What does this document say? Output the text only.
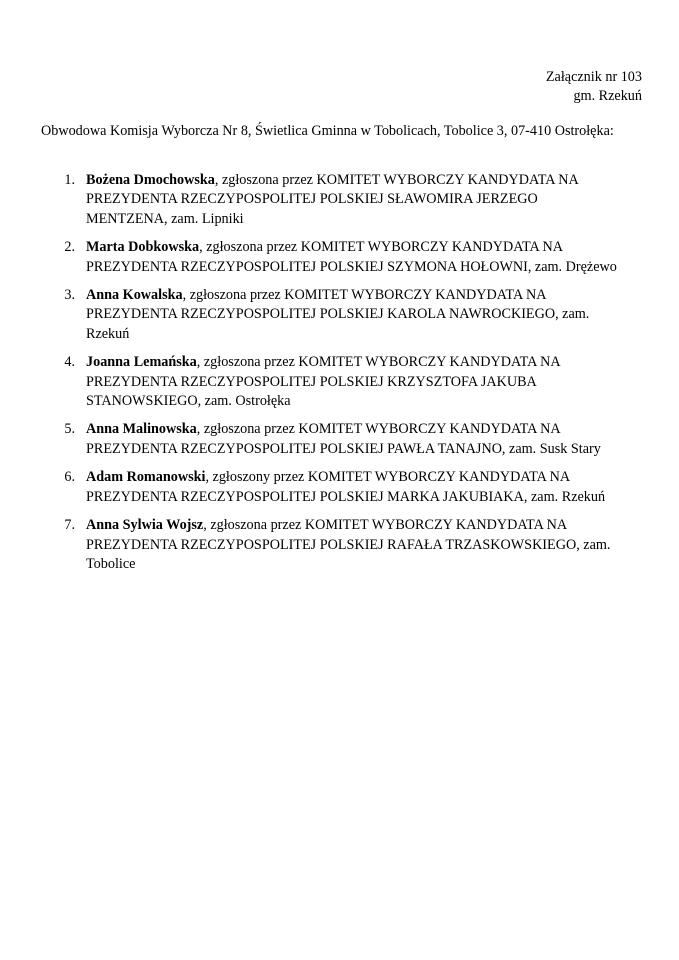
Załącznik nr 103
gm. Rzekuń
Obwodowa Komisja Wyborcza Nr 8, Świetlica Gminna w Tobolicach, Tobolice 3, 07-410 Ostrołęka:
1. Bożena Dmochowska, zgłoszona przez KOMITET WYBORCZY KANDYDATA NA PREZYDENTA RZECZYPOSPOLITEJ POLSKIEJ SŁAWOMIRA JERZEGO MENTZENA, zam. Lipniki
2. Marta Dobkowska, zgłoszona przez KOMITET WYBORCZY KANDYDATA NA PREZYDENTA RZECZYPOSPOLITEJ POLSKIEJ SZYMONA HOŁOWNI, zam. Drężewo
3. Anna Kowalska, zgłoszona przez KOMITET WYBORCZY KANDYDATA NA PREZYDENTA RZECZYPOSPOLITEJ POLSKIEJ KAROLA NAWROCKIEGO, zam. Rzekuń
4. Joanna Lemańska, zgłoszona przez KOMITET WYBORCZY KANDYDATA NA PREZYDENTA RZECZYPOSPOLITEJ POLSKIEJ KRZYSZTOFA JAKUBA STANOWSKIEGO, zam. Ostrołęka
5. Anna Malinowska, zgłoszona przez KOMITET WYBORCZY KANDYDATA NA PREZYDENTA RZECZYPOSPOLITEJ POLSKIEJ PAWŁA TANAJNO, zam. Susk Stary
6. Adam Romanowski, zgłoszony przez KOMITET WYBORCZY KANDYDATA NA PREZYDENTA RZECZYPOSPOLITEJ POLSKIEJ MARKA JAKUBIAKA, zam. Rzekuń
7. Anna Sylwia Wojsz, zgłoszona przez KOMITET WYBORCZY KANDYDATA NA PREZYDENTA RZECZYPOSPOLITEJ POLSKIEJ RAFAŁA TRZASKOWSKIEGO, zam. Tobolice
